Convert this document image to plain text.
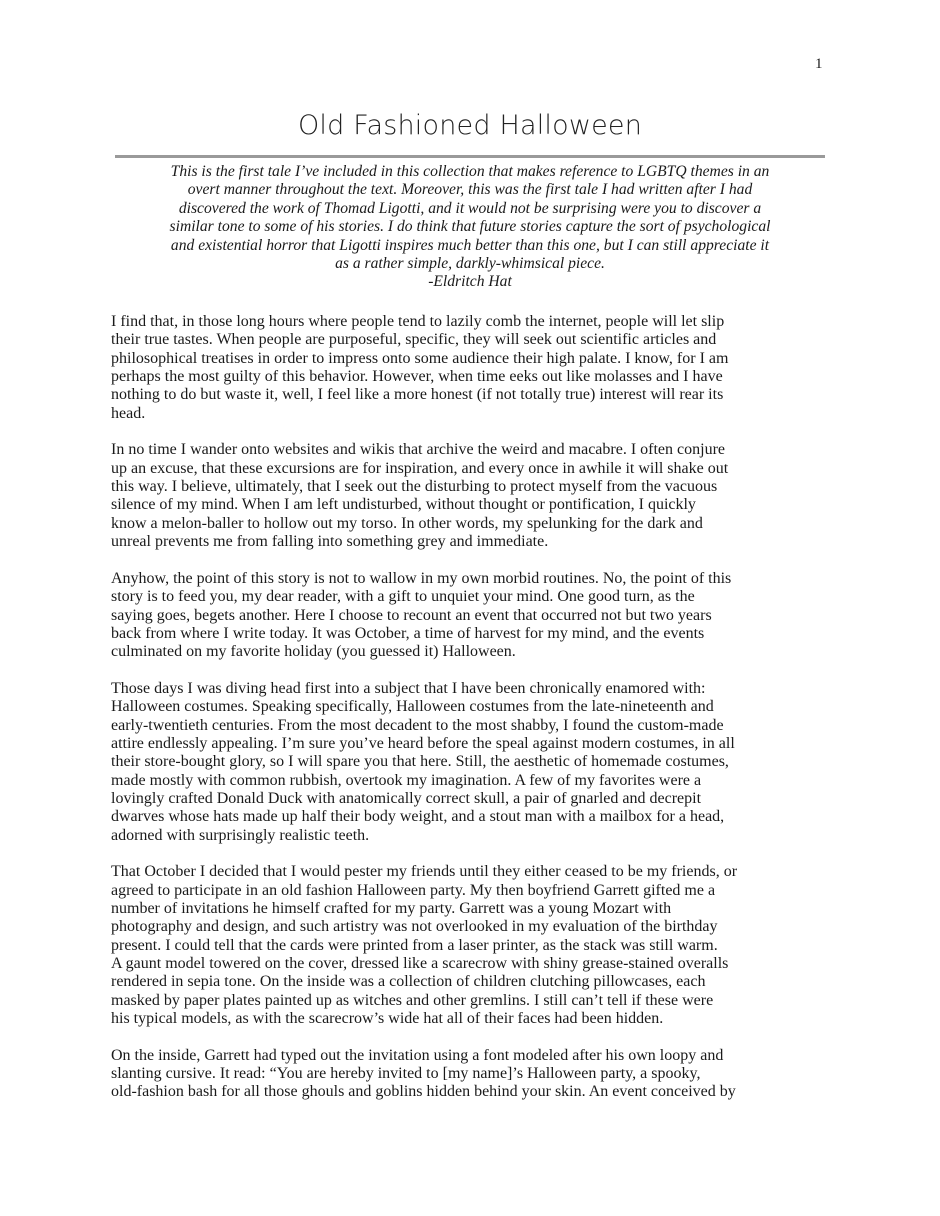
1
Old Fashioned Halloween
This is the first tale I’ve included in this collection that makes reference to LGBTQ themes in an
overt manner throughout the text. Moreover, this was the first tale I had written after I had
discovered the work of Thomad Ligotti, and it would not be surprising were you to discover a
similar tone to some of his stories. I do think that future stories capture the sort of psychological
and existential horror that Ligotti inspires much better than this one, but I can still appreciate it
as a rather simple, darkly-whimsical piece.
-Eldritch Hat
I find that, in those long hours where people tend to lazily comb the internet, people will let slip
their true tastes. When people are purposeful, specific, they will seek out scientific articles and
philosophical treatises in order to impress onto some audience their high palate. I know, for I am
perhaps the most guilty of this behavior. However, when time eeks out like molasses and I have
nothing to do but waste it, well, I feel like a more honest (if not totally true) interest will rear its
head.
In no time I wander onto websites and wikis that archive the weird and macabre. I often conjure
up an excuse, that these excursions are for inspiration, and every once in awhile it will shake out
this way. I believe, ultimately, that I seek out the disturbing to protect myself from the vacuous
silence of my mind. When I am left undisturbed, without thought or pontification, I quickly
know a melon-baller to hollow out my torso. In other words, my spelunking for the dark and
unreal prevents me from falling into something grey and immediate.
Anyhow, the point of this story is not to wallow in my own morbid routines. No, the point of this
story is to feed you, my dear reader, with a gift to unquiet your mind. One good turn, as the
saying goes, begets another. Here I choose to recount an event that occurred not but two years
back from where I write today. It was October, a time of harvest for my mind, and the events
culminated on my favorite holiday (you guessed it) Halloween.
Those days I was diving head first into a subject that I have been chronically enamored with:
Halloween costumes. Speaking specifically, Halloween costumes from the late-nineteenth and
early-twentieth centuries. From the most decadent to the most shabby, I found the custom-made
attire endlessly appealing. I’m sure you’ve heard before the speal against modern costumes, in all
their store-bought glory, so I will spare you that here. Still, the aesthetic of homemade costumes,
made mostly with common rubbish, overtook my imagination. A few of my favorites were a
lovingly crafted Donald Duck with anatomically correct skull, a pair of gnarled and decrepit
dwarves whose hats made up half their body weight, and a stout man with a mailbox for a head,
adorned with surprisingly realistic teeth.
That October I decided that I would pester my friends until they either ceased to be my friends, or
agreed to participate in an old fashion Halloween party. My then boyfriend Garrett gifted me a
number of invitations he himself crafted for my party. Garrett was a young Mozart with
photography and design, and such artistry was not overlooked in my evaluation of the birthday
present. I could tell that the cards were printed from a laser printer, as the stack was still warm.
A gaunt model towered on the cover, dressed like a scarecrow with shiny grease-stained overalls
rendered in sepia tone. On the inside was a collection of children clutching pillowcases, each
masked by paper plates painted up as witches and other gremlins. I still can’t tell if these were
his typical models, as with the scarecrow’s wide hat all of their faces had been hidden.
On the inside, Garrett had typed out the invitation using a font modeled after his own loopy and
slanting cursive. It read: “You are hereby invited to [my name]’s Halloween party, a spooky,
old-fashion bash for all those ghouls and goblins hidden behind your skin. An event conceived by
